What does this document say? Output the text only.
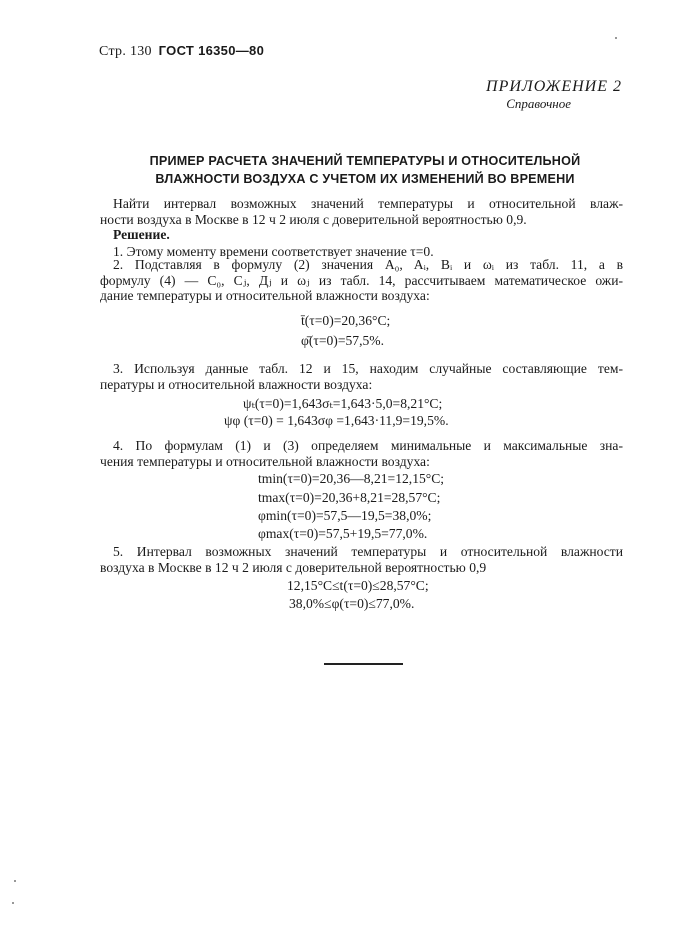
Стр. 130 ГОСТ 16350—80
ПРИЛОЖЕНИЕ 2
Справочное
ПРИМЕР РАСЧЕТА ЗНАЧЕНИЙ ТЕМПЕРАТУРЫ И ОТНОСИТЕЛЬНОЙ
ВЛАЖНОСТИ ВОЗДУХА С УЧЕТОМ ИХ ИЗМЕНЕНИЙ ВО ВРЕМЕНИ
Найти интервал возможных значений температуры и относительной влаж-
ности воздуха в Москве в 12 ч 2 июля с доверительной вероятностью 0,9.
Решение.
1. Этому моменту времени соответствует значение τ=0.
2. Подставляя в формулу (2) значения A₀, Aᵢ, Bᵢ и ωᵢ из табл. 11, а в
формулу (4) — C₀, Cⱼ, Дⱼ и ωⱼ из табл. 14, рассчитываем математическое ожи-
дание температуры и относительной влажности воздуха:
t̄(τ=0)=20,36°C;
φ̄(τ=0)=57,5%.
3. Используя данные табл. 12 и 15, находим случайные составляющие тем-
пературы и относительной влажности воздуха:
ψₜ(τ=0)=1,643σₜ=1,643·5,0=8,21°C;
ψφ (τ=0) = 1,643σφ =1,643·11,9=19,5%.
4. По формулам (1) и (3) определяем минимальные и максимальные зна-
чения температуры и относительной влажности воздуха:
tmin(τ=0)=20,36—8,21=12,15°C;
tmax(τ=0)=20,36+8,21=28,57°C;
φmin(τ=0)=57,5—19,5=38,0%;
φmax(τ=0)=57,5+19,5=77,0%.
5. Интервал возможных значений температуры и относительной влажности
воздуха в Москве в 12 ч 2 июля с доверительной вероятностью 0,9
12,15°C≤t(τ=0)≤28,57°C;
38,0%≤φ(τ=0)≤77,0%.
